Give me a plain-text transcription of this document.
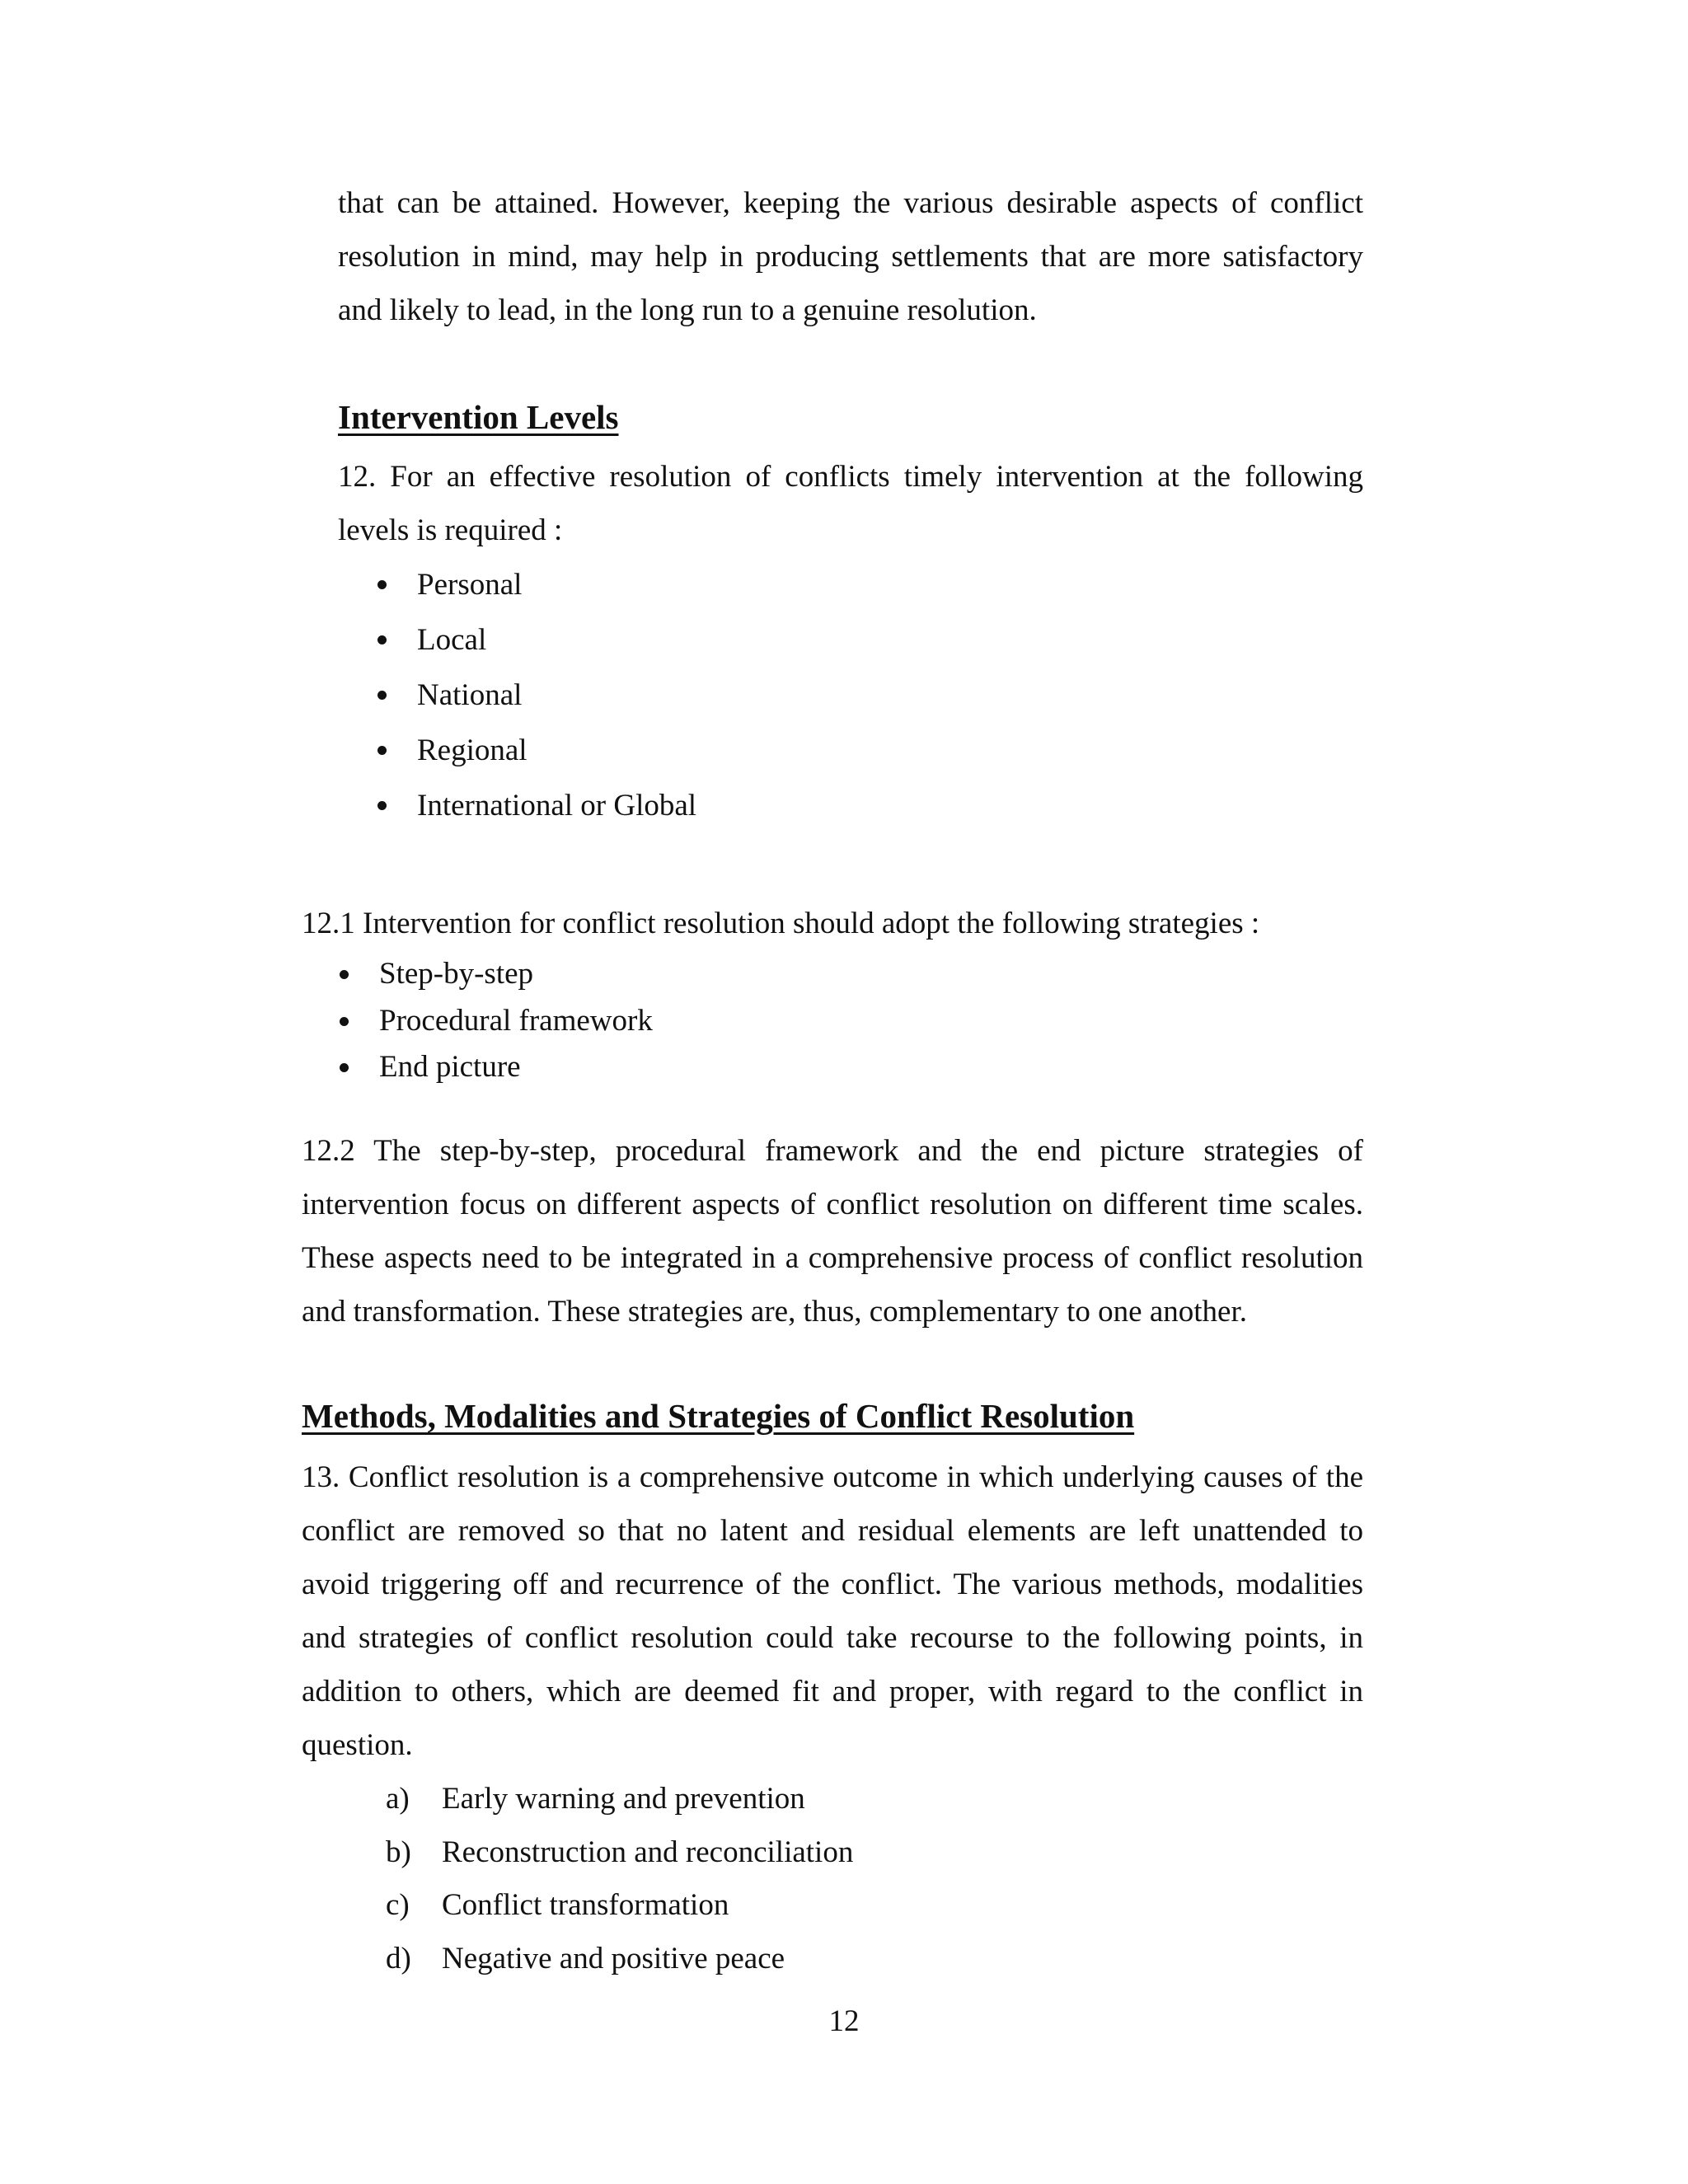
that can be attained. However, keeping the various desirable aspects of conflict resolution in mind, may help in producing settlements that are more satisfactory and likely to lead, in the long run to a genuine resolution.

Intervention Levels

12. For an effective resolution of conflicts timely intervention at the following levels is required :

Personal
Local
National
Regional
International or Global

12.1 Intervention for conflict resolution should adopt the following strategies :

Step-by-step
Procedural framework
End picture

12.2 The step-by-step, procedural framework and the end picture strategies of intervention focus on different aspects of conflict resolution on different time scales. These aspects need to be integrated in a comprehensive process of conflict resolution and transformation. These strategies are, thus, complementary to one another.

Methods, Modalities and Strategies of Conflict Resolution

13. Conflict resolution is a comprehensive outcome in which underlying causes of the conflict are removed so that no latent and residual elements are left unattended to avoid triggering off and recurrence of the conflict. The various methods, modalities and strategies of conflict resolution could take recourse to the following points, in addition to others, which are deemed fit and proper, with regard to the conflict in question.

a) Early warning and prevention
b) Reconstruction and reconciliation
c) Conflict transformation
d) Negative and positive peace
12
